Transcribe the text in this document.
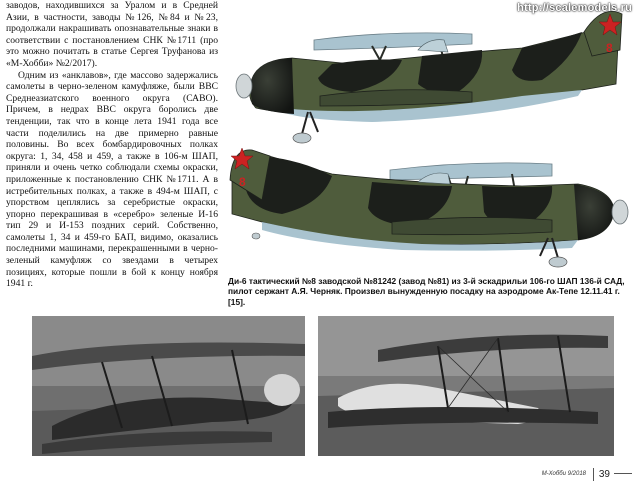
http://scalemodels.ru

заводов, находившихся за Уралом и в Средней Азии, в частности, заводы №126, №84 и №23, продолжали накрашивать опознавательные знаки в соответствии с постановлением СНК №1711 (про это можно почитать в статье Сергея Труфанова из «М-Хобби» №2/2017).

Одним из «анклавов», где массово задержались самолеты в черно-зеленом камуфляже, были ВВС Среднеазиатского военного округа (САВО). Причем, в недрах ВВС округа боролись две тенденции, так что в конце лета 1941 года все части поделились на две примерно равные половины. Во всех бомбардировочных полках округа: 1, 34, 458 и 459, а также в 106-м ШАП, приняли и очень четко соблюдали схемы окраски, приложенные к постановлению СНК №1711. А в истребительных полках, а также в 494-м ШАП, с упорством цеплялись за серебристые окраски, упорно перекрашивая в «серебро» зеленые И-16 тип 29 и И-153 поздних серий. Собственно, самолеты 1, 34 и 459-го БАП, видимо, оказались последними машинами, перекрашенными в черно-зеленый камуфляж со звездами в четырех позициях, которые пошли в бой к концу ноября 1941 г.

8
8
Ди-6 тактический №8 заводской №81242 (завод №81) из 3-й эскадрильи 106-го ШАП 136-й САД, пилот сержант А.Я. Черняк. Произвел вынужденную посадку на аэродроме Ак-Тепе 12.11.41 г. [15].
М-Хобби 9/2018 39
